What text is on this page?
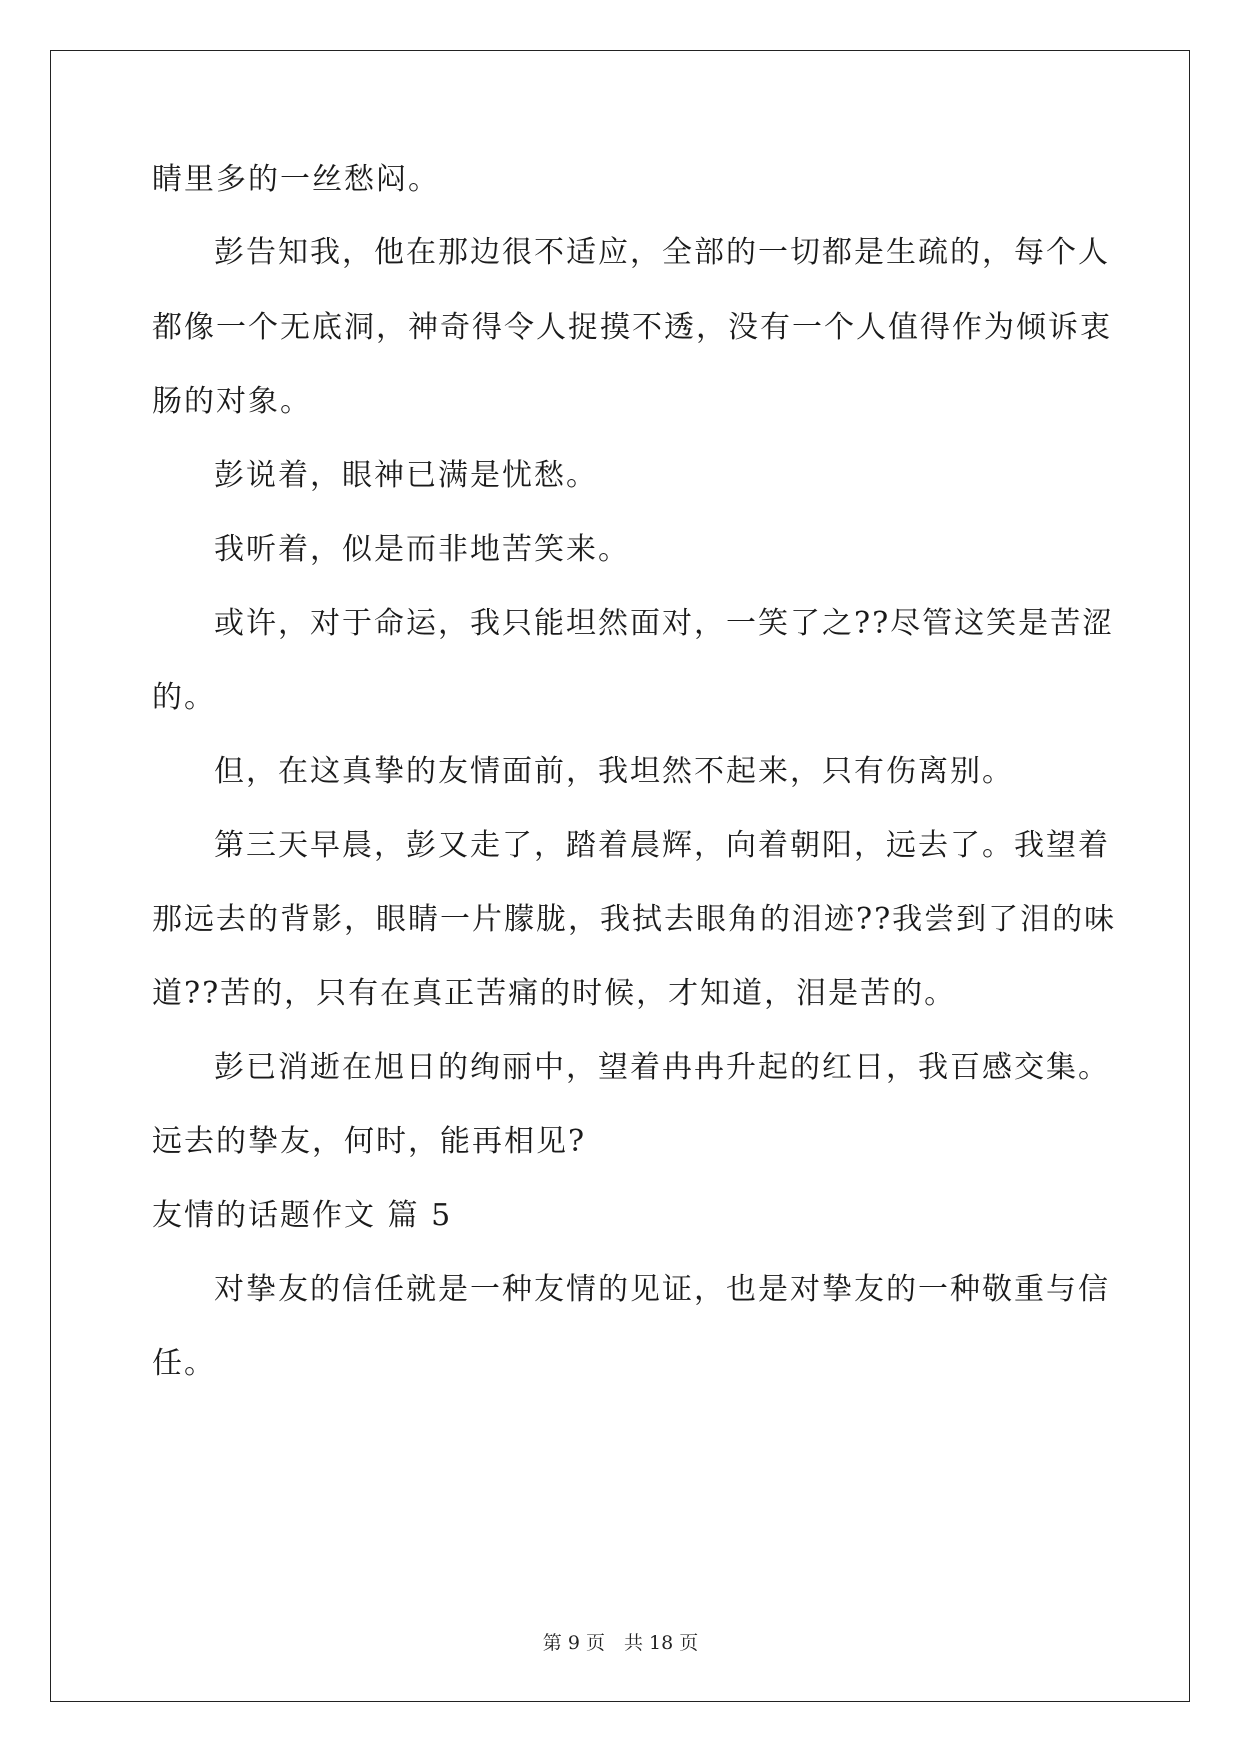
睛里多的一丝愁闷。
彭告知我，他在那边很不适应，全部的一切都是生疏的，每个人
都像一个无底洞，神奇得令人捉摸不透，没有一个人值得作为倾诉衷
肠的对象。
彭说着，眼神已满是忧愁。
我听着，似是而非地苦笑来。
或许，对于命运，我只能坦然面对，一笑了之??尽管这笑是苦涩
的。
但，在这真挚的友情面前，我坦然不起来，只有伤离别。
第三天早晨，彭又走了，踏着晨辉，向着朝阳，远去了。我望着
那远去的背影，眼睛一片朦胧，我拭去眼角的泪迹??我尝到了泪的味
道??苦的，只有在真正苦痛的时候，才知道，泪是苦的。
彭已消逝在旭日的绚丽中，望着冉冉升起的红日，我百感交集。
远去的挚友，何时，能再相见?
友情的话题作文 篇 5
对挚友的信任就是一种友情的见证，也是对挚友的一种敬重与信
任。
第 9 页　共 18 页
